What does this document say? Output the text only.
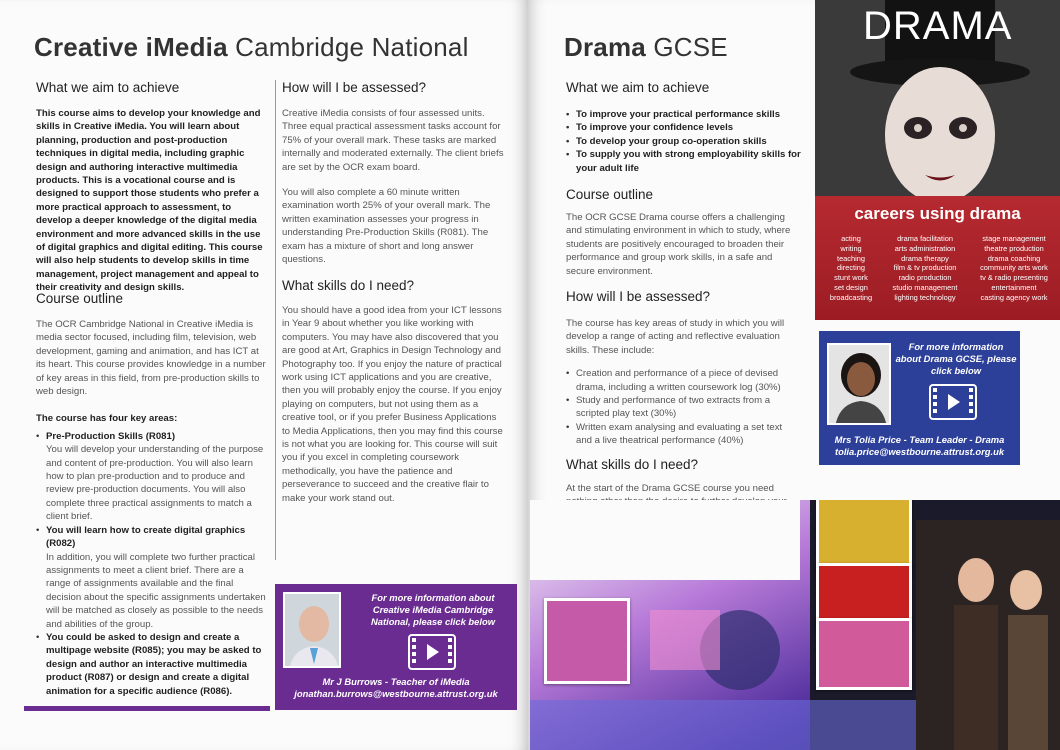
Creative iMedia Cambridge National
What we aim to achieve
This course aims to develop your knowledge and skills in Creative iMedia. You will learn about planning, production and post-production techniques in digital media, including graphic design and authoring interactive multimedia products. This is a vocational course and is designed to support those students who prefer a more practical approach to assessment, to develop a deeper knowledge of the digital media environment and more advanced skills in the use of digital graphics and digital editing. This course will also help students to develop skills in time management, project management and appeal to their creativity and design skills.
Course outline
The OCR Cambridge National in Creative iMedia is media sector focused, including film, television, web development, gaming and animation, and has ICT at its heart. This course provides knowledge in a number of key areas in this field, from pre-production skills to web design.
The course has four key areas:
• Pre-Production Skills (R081)
You will develop your understanding of the purpose and content of pre-production. You will also learn how to plan pre-production and to produce and review pre-production documents. You will also complete three practical assignments to match a client brief.
• You will learn how to create digital graphics (R082)
In addition, you will complete two further practical assignments to meet a client brief. There are a range of assignments available and the final decision about the specific assignments undertaken will be matched as closely as possible to the needs and abilities of the group.
• You could be asked to design and create a multipage website (R085); you may be asked to design and author an interactive multimedia product (R087) or design and create a digital animation for a specific audience (R086).
How will I be assessed?
Creative iMedia consists of four assessed units. Three equal practical assessment tasks account for 75% of your overall mark. These tasks are marked internally and moderated externally. The client briefs are set by the OCR exam board.
You will also complete a 60 minute written examination worth 25% of your overall mark. The written examination assesses your progress in understanding Pre-Production Skills (R081). The exam has a mixture of short and long answer questions.
What skills do I need?
You should have a good idea from your ICT lessons in Year 9 about whether you like working with computers. You may have also discovered that you are good at Art, Graphics in Design Technology and Photography too. If you enjoy the nature of practical work using ICT applications and you are creative, then you will probably enjoy the course. If you enjoy playing on computers, but not using them as a creative tool, or if you prefer Business Applications to Media Applications, then you may find this course is not what you are looking for. This course will suit you if you excel in completing coursework methodically, you have the patience and perseverance to succeed and the creative flair to make your work stand out.
For more information about Creative iMedia Cambridge National, please click below
Mr J Burrows - Teacher of iMedia
jonathan.burrows@westbourne.attrust.org.uk
Drama GCSE
What we aim to achieve
• To improve your practical performance skills
• To improve your confidence levels
• To develop your group co-operation skills
• To supply you with strong employability skills for your adult life
Course outline
The OCR GCSE Drama course offers a challenging and stimulating environment in which to study, where students are positively encouraged to broaden their performance and group work skills, in a safe and secure environment.
How will I be assessed?
The course has key areas of study in which you will develop a range of acting and reflective evaluation skills. These include:
• Creation and performance of a piece of devised drama, including a written coursework log (30%)
• Study and performance of two extracts from a scripted play text (30%)
• Written exam analysing and evaluating a set text and a live theatrical performance (40%)
What skills do I need?
At the start of the Drama GCSE course you need
DRAMA
careers using drama
acting
writing
teaching
directing
stunt work
set design
broadcasting
drama facilitation
arts administration
drama therapy
film & tv production
radio production
studio management
lighting technology
stage management
theatre production
drama coaching
community arts work
tv & radio presenting
entertainment
casting agency work
For more information about Drama GCSE, please click below
Mrs Tolia Price - Team Leader - Drama
tolia.price@westbourne.attrust.org.uk
